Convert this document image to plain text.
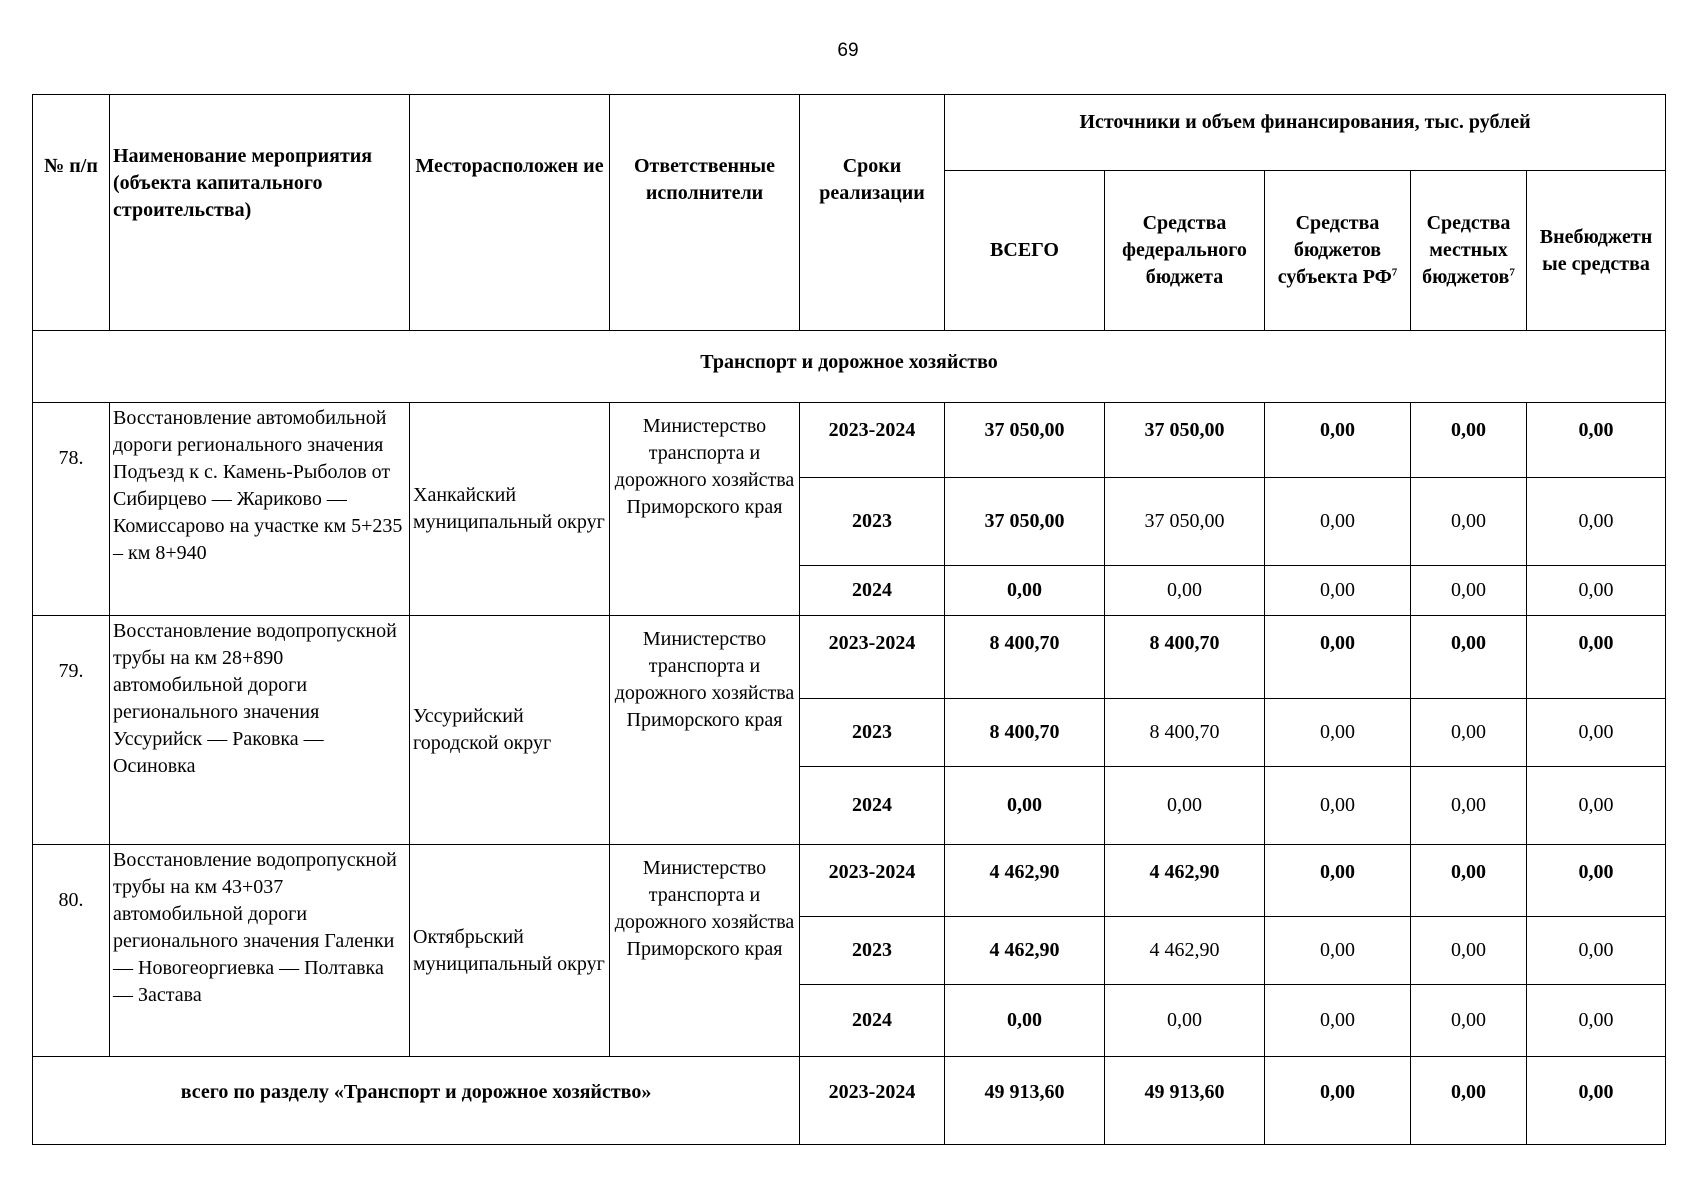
69
№ п/п	Наименование мероприятия (объекта капитального строительства)	Месторасположен ие	Ответственные исполнители	Сроки реализации	Источники и объем финансирования, тыс. рублей				
					ВСЕГО	Средства федерального бюджета	Средства бюджетов субъекта $РФ^7$	Средства местных бюджетов$^7$	Внебюджетн ые средства
Транспорт и дорожное хозяйство									
78.	Восстановление автомобильной дороги регионального значения Подъезд к с. Камень-Рыболов от Сибирцево — Жариково — Комиссарово на участке км 5+235 – км 8+940	Ханкайский муниципальный округ	Министерство транспорта и дорожного хозяйства Приморского края	2023-2024	37 050,00	37 050,00	0,00	0,00	0,00
				2023	37 050,00	37 050,00	0,00	0,00	0,00
				2024	0,00	0,00	0,00	0,00	0,00
79.	Восстановление водопропускной трубы на км 28+890 автомобильной дороги регионального значения Уссурийск — Раковка — Осиновка	Уссурийский городской округ	Министерство транспорта и дорожного хозяйства Приморского края	2023-2024	8 400,70	8 400,70	0,00	0,00	0,00
				2023	8 400,70	8 400,70	0,00	0,00	0,00
				2024	0,00	0,00	0,00	0,00	0,00
80.	Восстановление водопропускной трубы на км 43+037 автомобильной дороги регионального значения Галенки — Новогеоргиевка — Полтавка — Застава	Октябрьский муниципальный округ	Министерство транспорта и дорожного хозяйства Приморского края	2023-2024	4 462,90	4 462,90	0,00	0,00	0,00
				2023	4 462,90	4 462,90	0,00	0,00	0,00
				2024	0,00	0,00	0,00	0,00	0,00
всего по разделу «Транспорт и дорожное хозяйство»				2023-2024	49 913,60	49 913,60	0,00	0,00	0,00
